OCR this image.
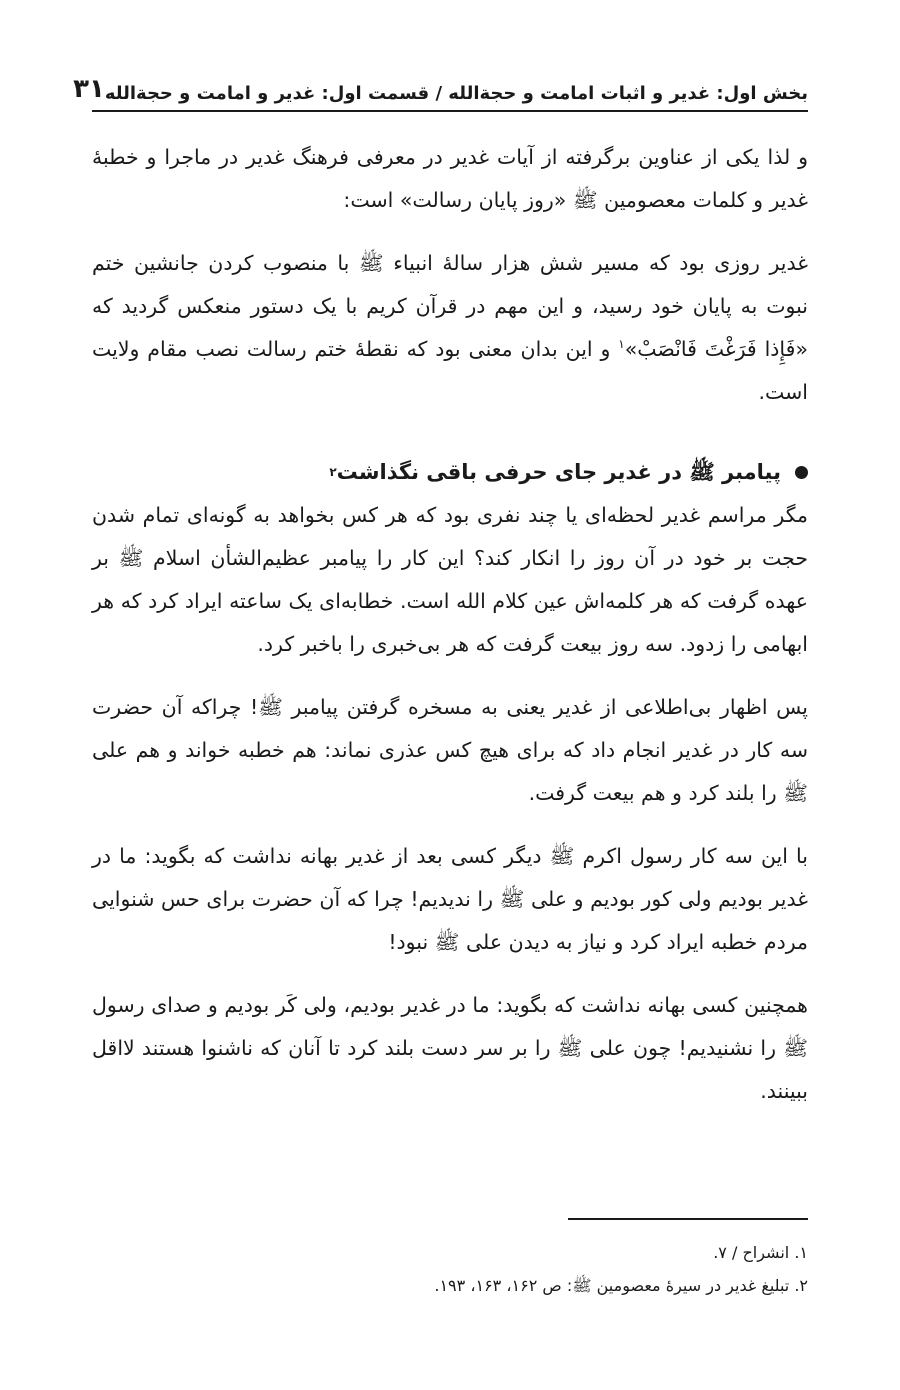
بخش اول: غدیر و اثبات امامت و حجة‌الله / قسمت اول: غدیر و امامت و حجة‌الله
۳۱

و لذا یکی از عناوین برگرفته از آیات غدیر در معرفی فرهنگ غدیر در ماجرا و خطبهٔ غدیر و کلمات معصومین ﷺ «روز پایان رسالت» است:

غدیر روزی بود که مسیر شش هزار سالهٔ انبیاء ﷺ با منصوب کردن جانشین ختم نبوت به پایان خود رسید، و این مهم در قرآن کریم با یک دستور منعکس گردید که «فَإِذا فَرَغْتَ فَانْصَبْ»$^۱$ و این بدان معنی بود که نقطهٔ ختم رسالت نصب مقام ولایت است.

پیامبر ﷺ در غدیر جای حرفی باقی نگذاشت
۲

مگر مراسم غدیر لحظه‌ای یا چند نفری بود که هر کس بخواهد به گونه‌ای تمام شدن حجت بر خود در آن روز را انکار کند؟ این کار را پیامبر عظیم‌الشأن اسلام ﷺ بر عهده گرفت که هر کلمه‌اش عین کلام الله است. خطابه‌ای یک ساعته ایراد کرد که هر ابهامی را زدود. سه روز بیعت گرفت که هر بی‌خبری را باخبر کرد.

پس اظهار بی‌اطلاعی از غدیر یعنی به مسخره گرفتن پیامبر ﷺ! چراکه آن حضرت سه کار در غدیر انجام داد که برای هیچ کس عذری نماند: هم خطبه خواند و هم علی ﷺ را بلند کرد و هم بیعت گرفت.

با این سه کار رسول اکرم ﷺ دیگر کسی بعد از غدیر بهانه نداشت که بگوید: ما در غدیر بودیم ولی کور بودیم و علی ﷺ را ندیدیم! چرا که آن حضرت برای حس شنوایی مردم خطبه ایراد کرد و نیاز به دیدن علی ﷺ نبود!

همچنین کسی بهانه نداشت که بگوید: ما در غدیر بودیم، ولی کَر بودیم و صدای رسول ﷺ را نشنیدیم! چون علی ﷺ را بر سر دست بلند کرد تا آنان که ناشنوا هستند لااقل ببینند.

۱. انشراح / ۷.

۲. تبلیغ غدیر در سیرهٔ معصومین ﷺ: ص ۱۶۲، ۱۶۳، ۱۹۳.
